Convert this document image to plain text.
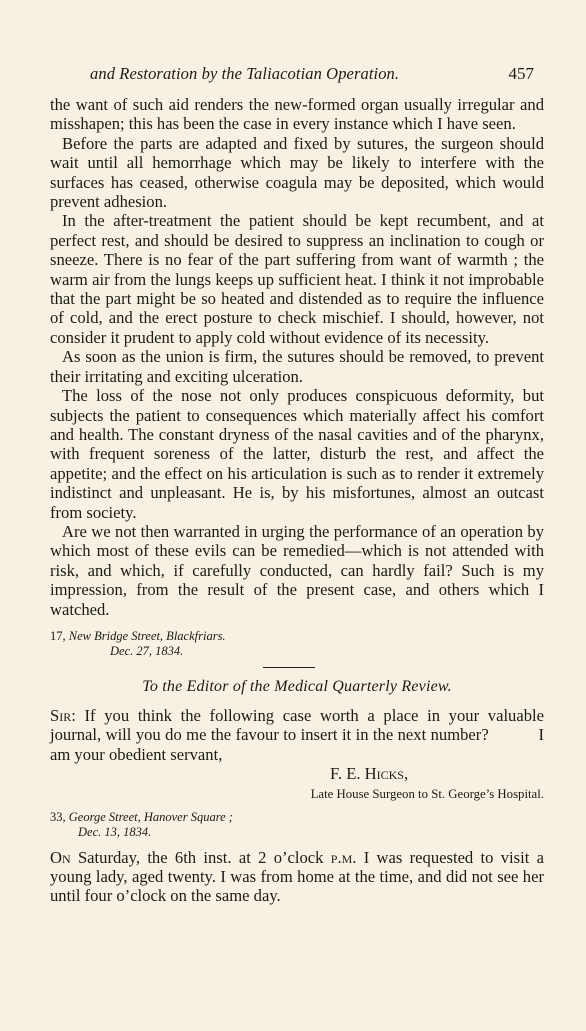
and Restoration by the Taliacotian Operation.	457

the want of such aid renders the new-formed organ usually irregular and misshapen; this has been the case in every instance which I have seen.

Before the parts are adapted and fixed by sutures, the surgeon should wait until all hemorrhage which may be likely to interfere with the surfaces has ceased, otherwise coagula may be deposited, which would prevent adhesion.

In the after-treatment the patient should be kept recumbent, and at perfect rest, and should be desired to suppress an inclination to cough or sneeze. There is no fear of the part suffering from want of warmth ; the warm air from the lungs keeps up sufficient heat. I think it not improbable that the part might be so heated and distended as to require the influence of cold, and the erect posture to check mischief. I should, however, not consider it prudent to apply cold without evidence of its necessity.

As soon as the union is firm, the sutures should be removed, to prevent their irritating and exciting ulceration.

The loss of the nose not only produces conspicuous deformity, but subjects the patient to consequences which materially affect his comfort and health. The constant dryness of the nasal cavities and of the pharynx, with frequent soreness of the latter, disturb the rest, and affect the appetite; and the effect on his articulation is such as to render it extremely indistinct and unpleasant. He is, by his misfortunes, almost an outcast from society.

Are we not then warranted in urging the performance of an operation by which most of these evils can be remedied—which is not attended with risk, and which, if carefully conducted, can hardly fail? Such is my impression, from the result of the present case, and others which I watched.

17, New Bridge Street, Blackfriars.

Dec. 27, 1834.

To the Editor of the Medical Quarterly Review.

Sir: If you think the following case worth a place in your valuable journal, will you do me the favour to insert it in the next number?   I am your obedient servant,

F. E. Hicks,

Late House Surgeon to St. George’s Hospital.

33, George Street, Hanover Square ;
Dec. 13, 1834.

On Saturday, the 6th inst. at 2 o’clock p.m. I was requested to visit a young lady, aged twenty. I was from home at the time, and did not see her until four o’clock on the same day.
